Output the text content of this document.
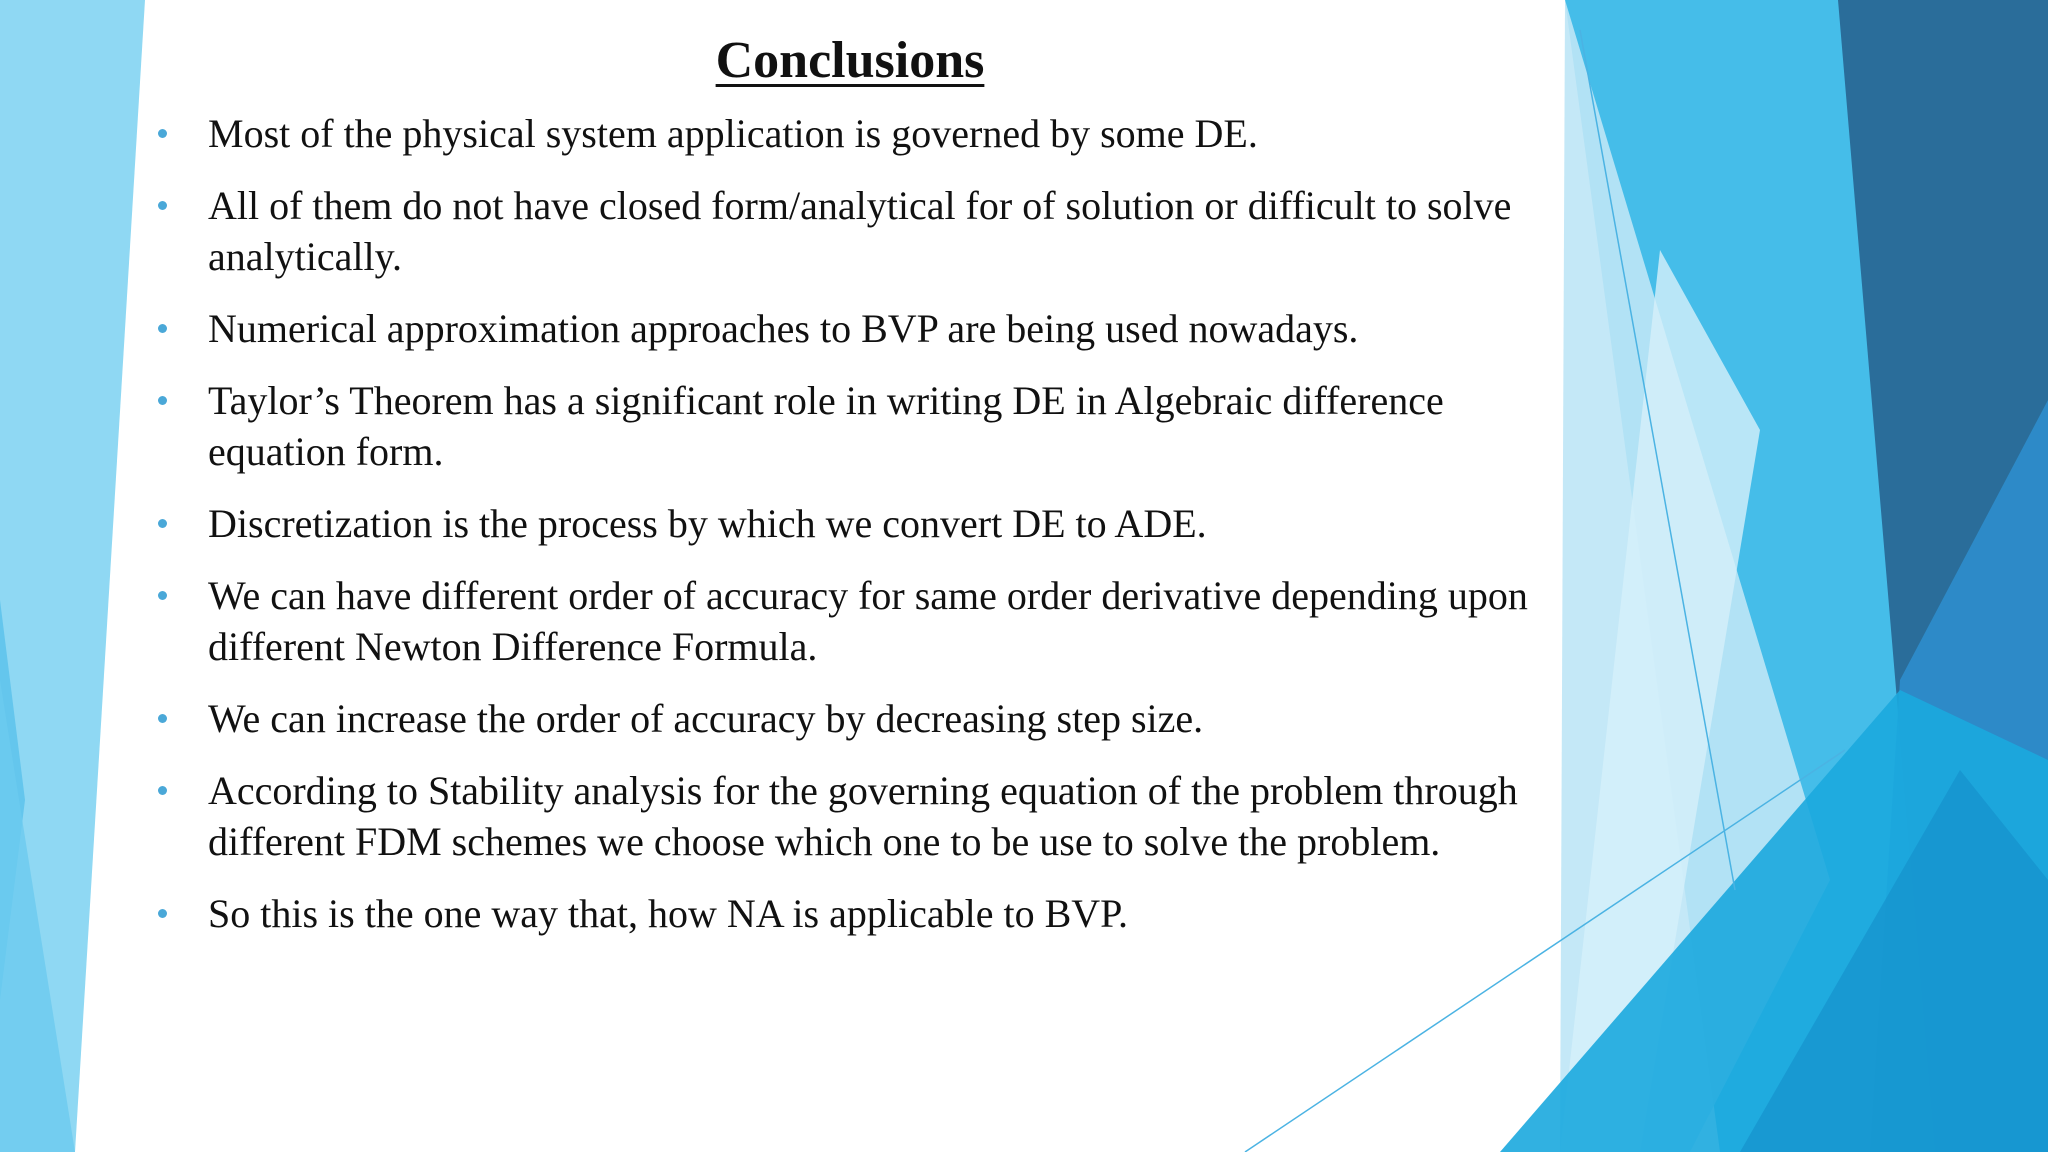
Conclusions
Most of the physical system application is governed by some DE.
All of them do not have closed form/analytical for of solution or difficult to solve analytically.
Numerical approximation approaches to BVP are being used nowadays.
Taylor’s Theorem has a significant role in writing DE in Algebraic difference equation form.
Discretization is the process by which we convert DE to ADE.
We can have different order of accuracy for same order derivative depending upon different Newton Difference Formula.
We can increase the order of accuracy by decreasing step size.
According to Stability analysis for the governing equation of the problem through different FDM schemes we choose which one to be use to solve the problem.
So this is the one way that, how NA is applicable to BVP.
